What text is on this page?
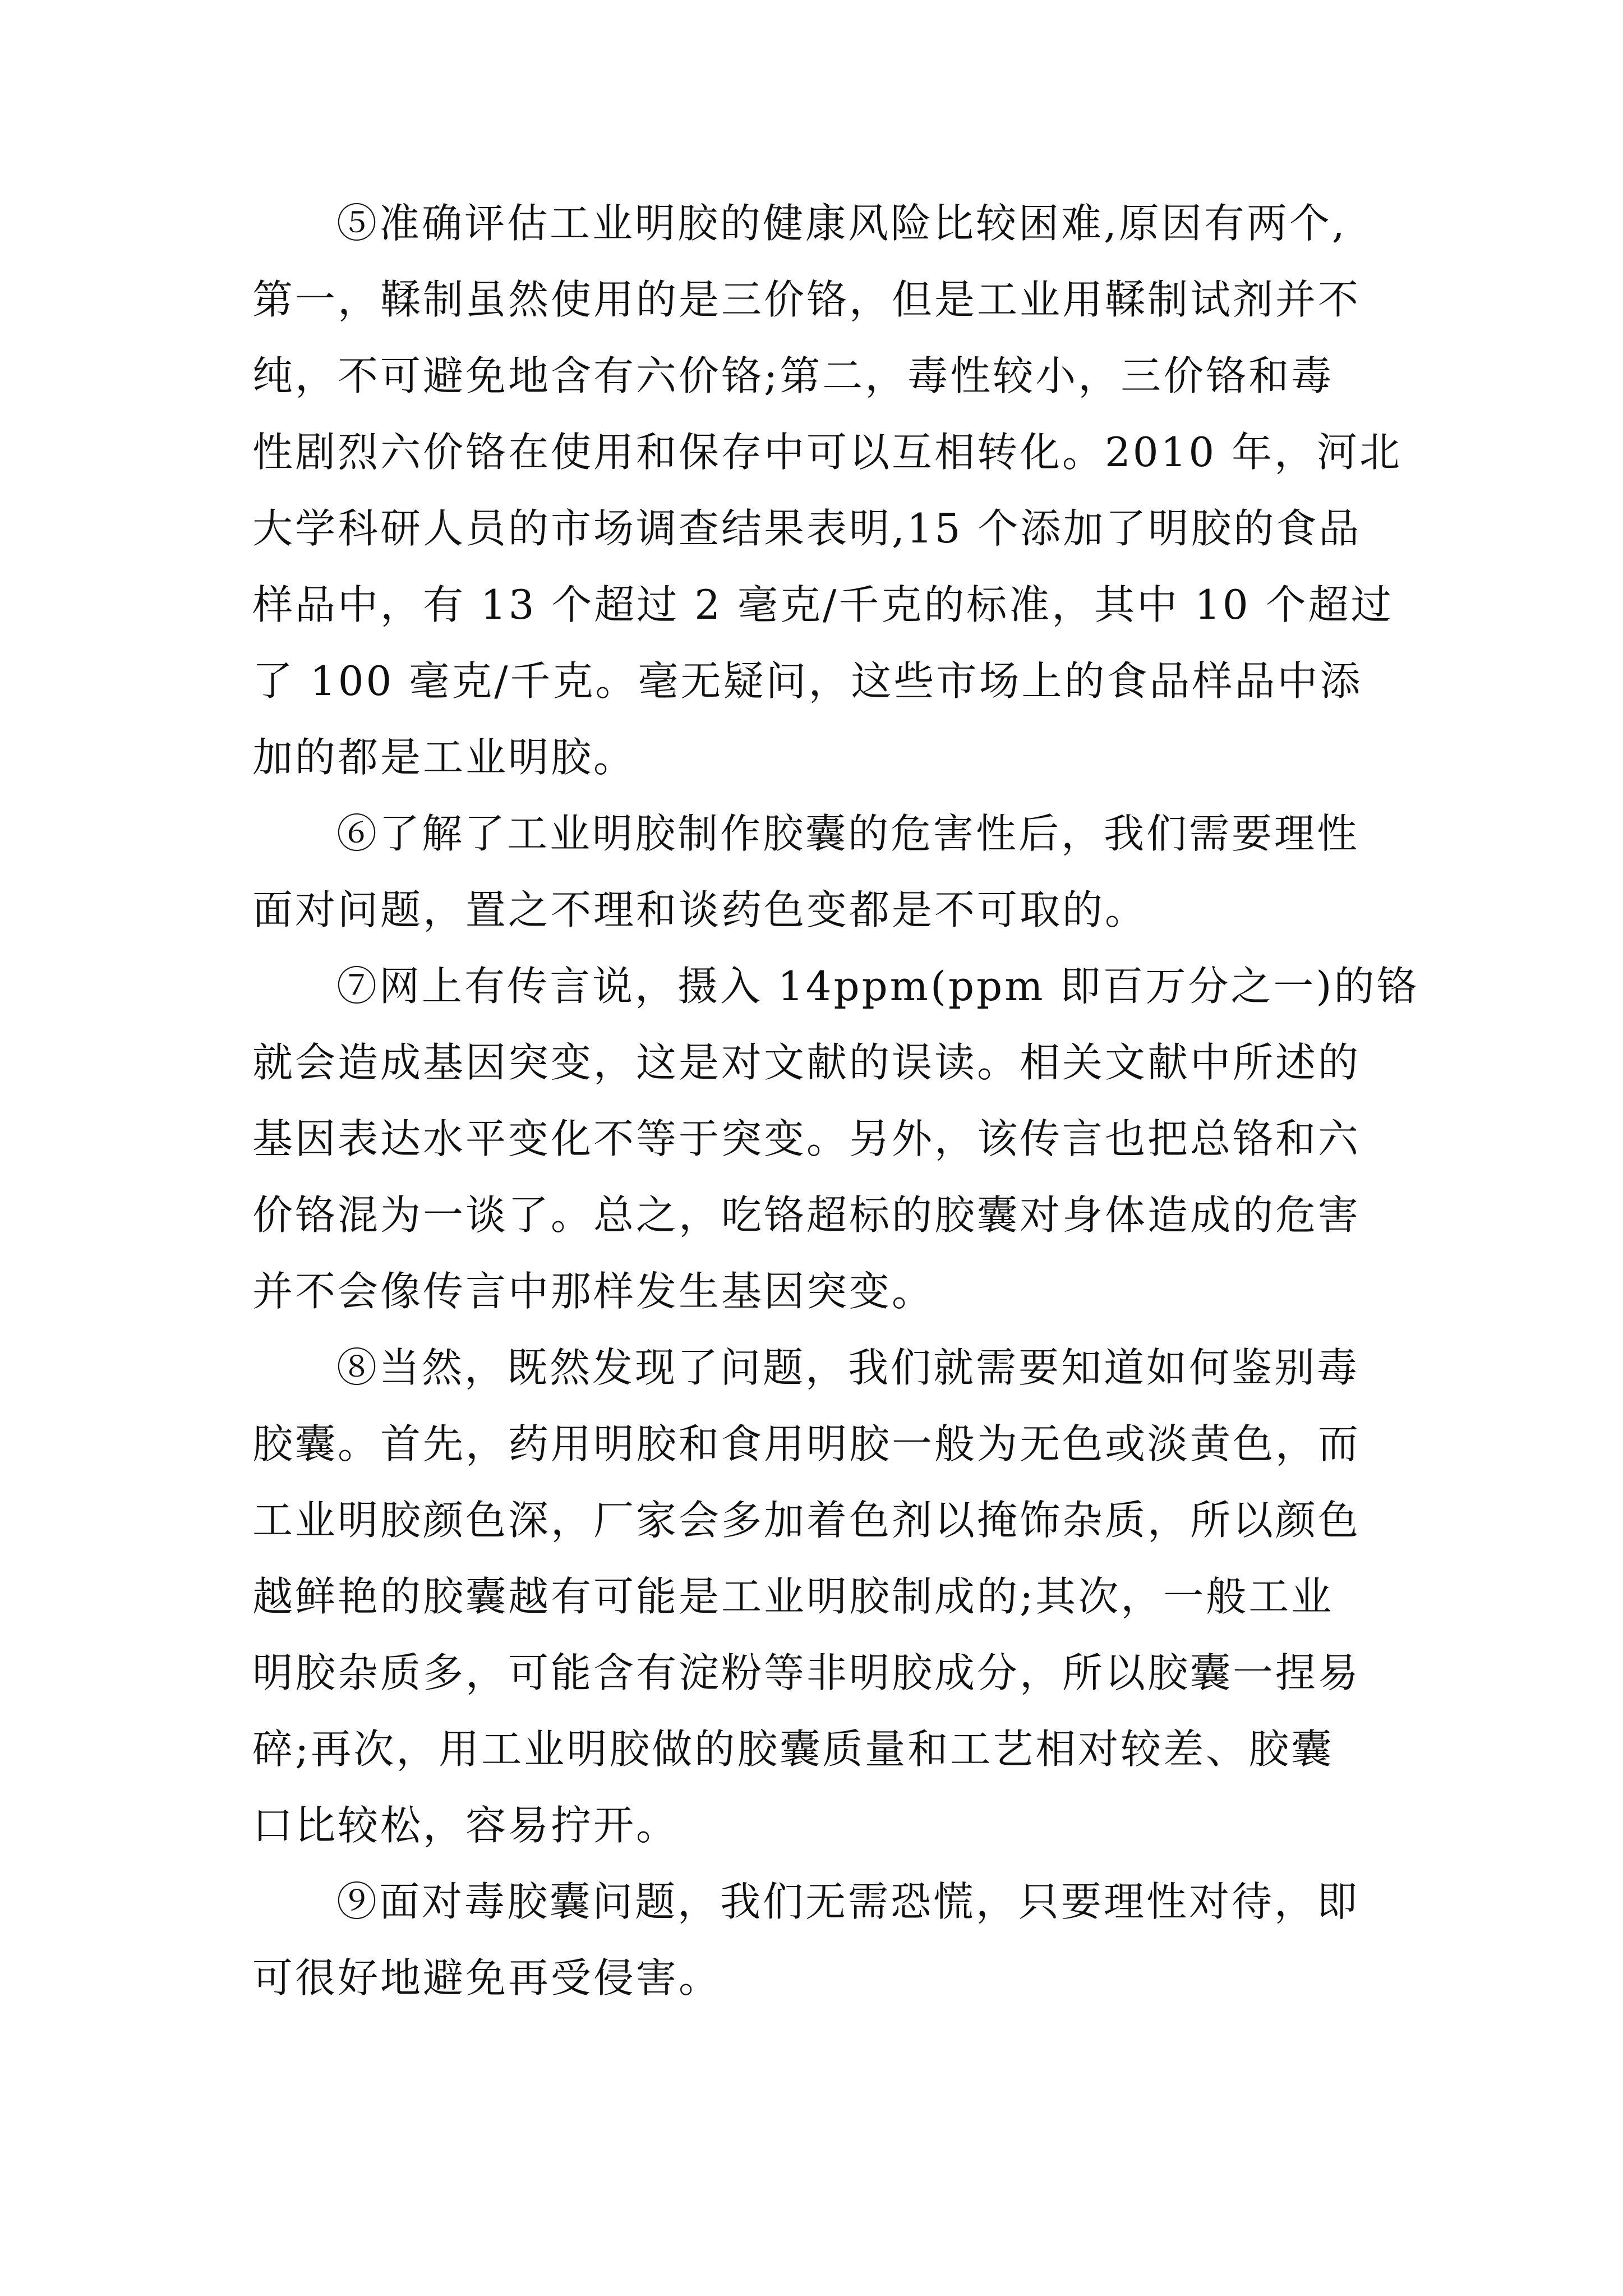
⑤准确评估工业明胶的健康风险比较困难,原因有两个,
第一，鞣制虽然使用的是三价铬，但是工业用鞣制试剂并不
纯，不可避免地含有六价铬;第二，毒性较小，三价铬和毒
性剧烈六价铬在使用和保存中可以互相转化。2010 年，河北
大学科研人员的市场调查结果表明,15 个添加了明胶的食品
样品中，有 13 个超过 2 毫克/千克的标准，其中 10 个超过
了 100 毫克/千克。毫无疑问，这些市场上的食品样品中添
加的都是工业明胶。
⑥了解了工业明胶制作胶囊的危害性后，我们需要理性
面对问题，置之不理和谈药色变都是不可取的。
⑦网上有传言说，摄入 14ppm(ppm 即百万分之一)的铬
就会造成基因突变，这是对文献的误读。相关文献中所述的
基因表达水平变化不等于突变。另外，该传言也把总铬和六
价铬混为一谈了。总之，吃铬超标的胶囊对身体造成的危害
并不会像传言中那样发生基因突变。
⑧当然，既然发现了问题，我们就需要知道如何鉴别毒
胶囊。首先，药用明胶和食用明胶一般为无色或淡黄色，而
工业明胶颜色深，厂家会多加着色剂以掩饰杂质，所以颜色
越鲜艳的胶囊越有可能是工业明胶制成的;其次，一般工业
明胶杂质多，可能含有淀粉等非明胶成分，所以胶囊一捏易
碎;再次，用工业明胶做的胶囊质量和工艺相对较差、胶囊
口比较松，容易拧开。
⑨面对毒胶囊问题，我们无需恐慌，只要理性对待，即
可很好地避免再受侵害。
